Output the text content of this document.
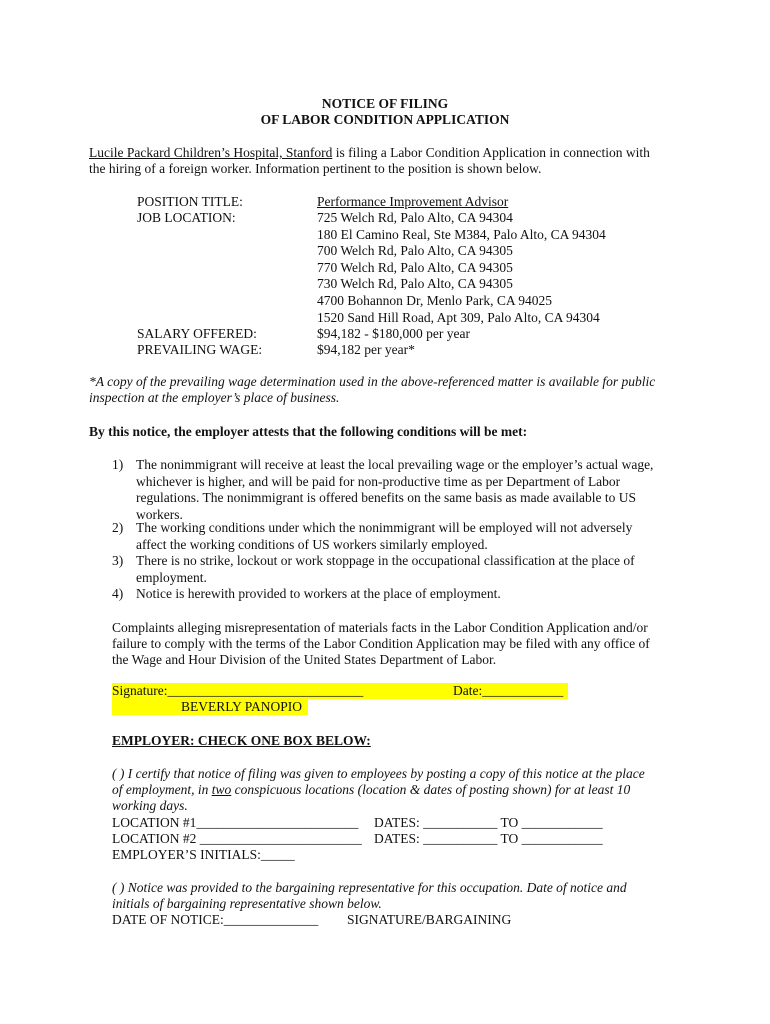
NOTICE OF FILING
OF LABOR CONDITION APPLICATION
Lucile Packard Children’s Hospital, Stanford is filing a Labor Condition Application in connection with
the hiring of a foreign worker. Information pertinent to the position is shown below.
POSITION TITLE:	Performance Improvement Advisor
JOB LOCATION:	725 Welch Rd, Palo Alto, CA 94304
180 El Camino Real, Ste M384, Palo Alto, CA 94304
700 Welch Rd, Palo Alto, CA 94305
770 Welch Rd, Palo Alto, CA 94305
730 Welch Rd, Palo Alto, CA 94305
4700 Bohannon Dr, Menlo Park, CA 94025
1520 Sand Hill Road, Apt 309, Palo Alto, CA 94304
SALARY OFFERED:	$94,182 - $180,000 per year
PREVAILING WAGE:	$94,182 per year*
*A copy of the prevailing wage determination used in the above-referenced matter is available for public
inspection at the employer’s place of business.
By this notice, the employer attests that the following conditions will be met:
1) The nonimmigrant will receive at least the local prevailing wage or the employer’s actual wage,
whichever is higher, and will be paid for non-productive time as per Department of Labor
regulations. The nonimmigrant is offered benefits on the same basis as made available to US
workers.
2) The working conditions under which the nonimmigrant will be employed will not adversely
affect the working conditions of US workers similarly employed.
3) There is no strike, lockout or work stoppage in the occupational classification at the place of
employment.
4) Notice is herewith provided to workers at the place of employment.
Complaints alleging misrepresentation of materials facts in the Labor Condition Application and/or
failure to comply with the terms of the Labor Condition Application may be filed with any office of
the Wage and Hour Division of the United States Department of Labor.
Signature:_____________________________	Date:____________
BEVERLY PANOPIO
EMPLOYER: CHECK ONE BOX BELOW:
( ) I certify that notice of filing was given to employees by posting a copy of this notice at the place
of employment, in two conspicuous locations (location & dates of posting shown) for at least 10
working days.
LOCATION #1________________________ DATES: ___________ TO ____________
LOCATION #2 ________________________ DATES: ___________ TO ____________
EMPLOYER’S INITIALS:_____
( ) Notice was provided to the bargaining representative for this occupation. Date of notice and
initials of bargaining representative shown below.
DATE OF NOTICE:______________ SIGNATURE/BARGAINING
